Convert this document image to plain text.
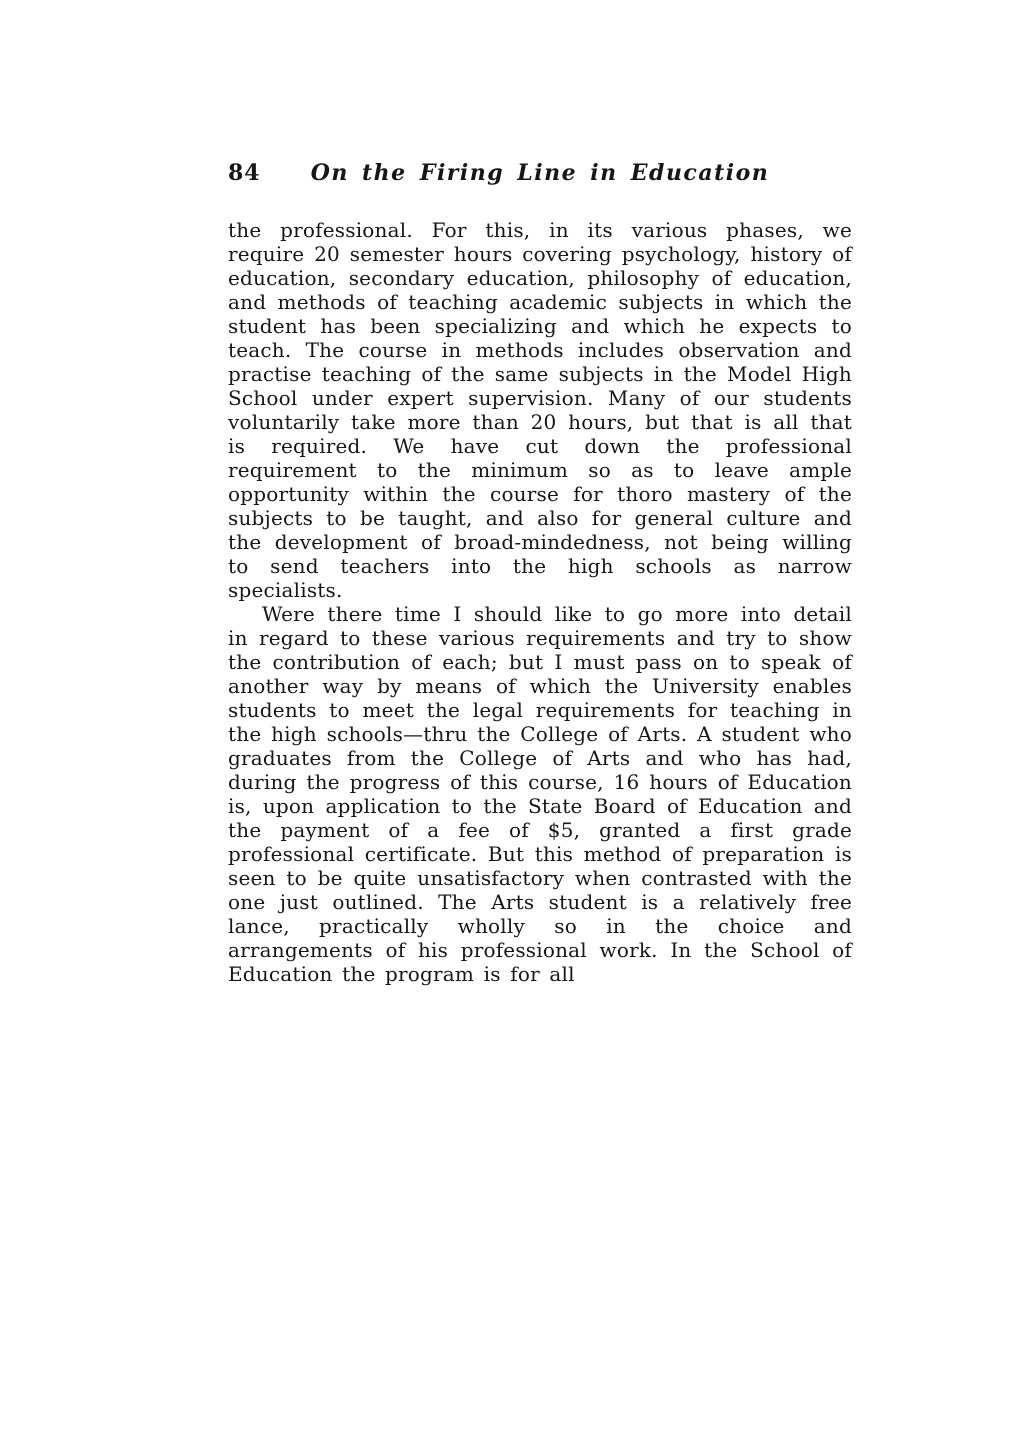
84	On the Firing Line in Education

the professional. For this, in its various phases, we require 20 semester hours covering psychology, history of education, secondary education, philosophy of education, and methods of teaching academic subjects in which the student has been specializing and which he expects to teach. The course in methods includes observation and practise teaching of the same subjects in the Model High School under expert supervision. Many of our students voluntarily take more than 20 hours, but that is all that is required. We have cut down the professional requirement to the minimum so as to leave ample opportunity within the course for thoro mastery of the subjects to be taught, and also for general culture and the development of broad-mindedness, not being willing to send teachers into the high schools as narrow specialists.

Were there time I should like to go more into detail in regard to these various requirements and try to show the contribution of each; but I must pass on to speak of another way by means of which the University enables students to meet the legal requirements for teaching in the high schools—thru the College of Arts. A student who graduates from the College of Arts and who has had, during the progress of this course, 16 hours of Education is, upon application to the State Board of Education and the payment of a fee of $5, granted a first grade professional certificate. But this method of preparation is seen to be quite unsatisfactory when contrasted with the one just outlined. The Arts student is a relatively free lance, practically wholly so in the choice and arrangements of his professional work. In the School of Education the program is for all
